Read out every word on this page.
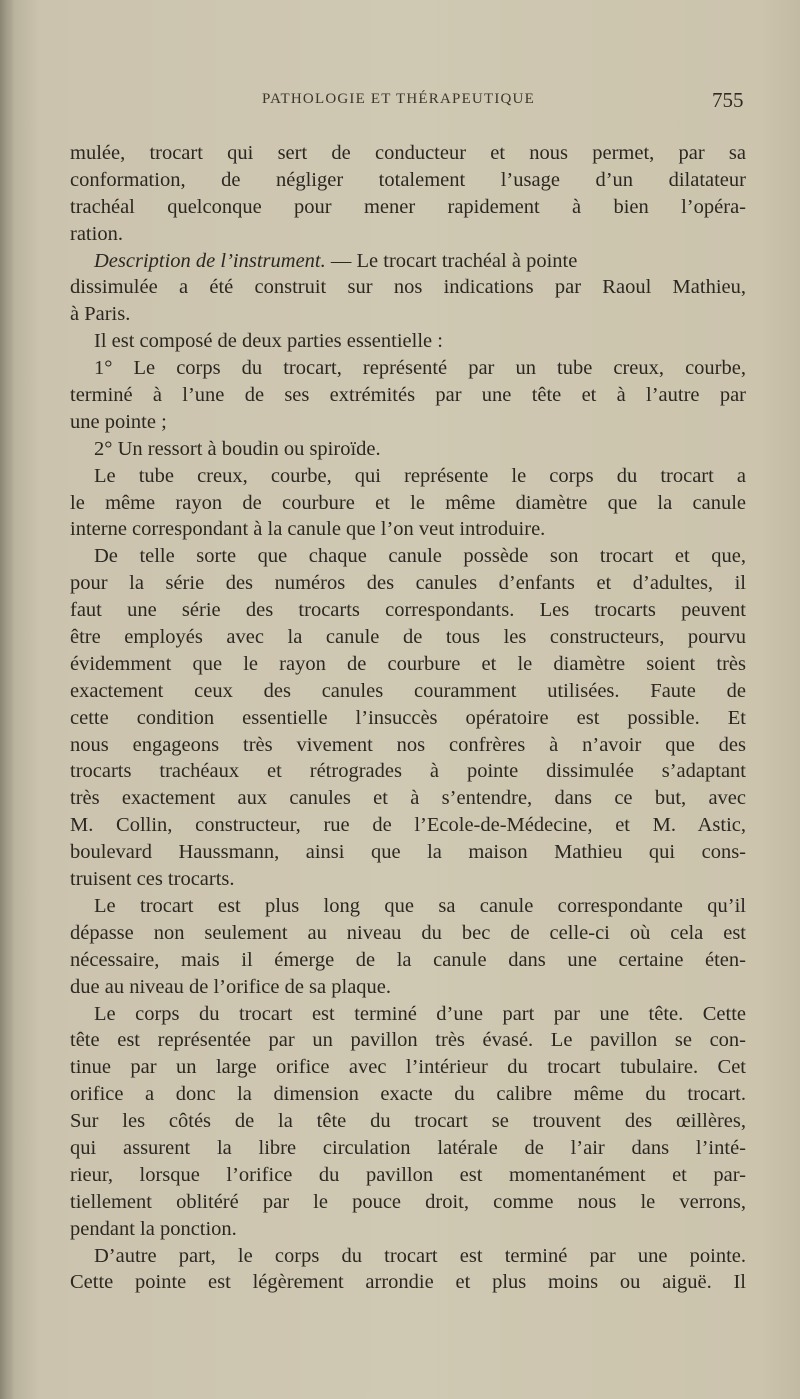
PATHOLOGIE ET THÉRAPEUTIQUE	755
mulée, trocart qui sert de conducteur et nous permet, par sa
conformation, de négliger totalement l’usage d’un dilatateur
trachéal quelconque pour mener rapidement à bien l’opéra-
ration.
Description de l’instrument. — Le trocart trachéal à pointe
dissimulée a été construit sur nos indications par Raoul Mathieu,
à Paris.
Il est composé de deux parties essentielle :
1° Le corps du trocart, représenté par un tube creux, courbe,
terminé à l’une de ses extrémités par une tête et à l’autre par
une pointe ;
2° Un ressort à boudin ou spiroïde.
Le tube creux, courbe, qui représente le corps du trocart a
le même rayon de courbure et le même diamètre que la canule
interne correspondant à la canule que l’on veut introduire.
De telle sorte que chaque canule possède son trocart et que,
pour la série des numéros des canules d’enfants et d’adultes, il
faut une série des trocarts correspondants. Les trocarts peuvent
être employés avec la canule de tous les constructeurs, pourvu
évidemment que le rayon de courbure et le diamètre soient très
exactement ceux des canules couramment utilisées. Faute de
cette condition essentielle l’insuccès opératoire est possible. Et
nous engageons très vivement nos confrères à n’avoir que des
trocarts trachéaux et rétrogrades à pointe dissimulée s’adaptant
très exactement aux canules et à s’entendre, dans ce but, avec
M. Collin, constructeur, rue de l’Ecole-de-Médecine, et M. Astic,
boulevard Haussmann, ainsi que la maison Mathieu qui cons-
truisent ces trocarts.
Le trocart est plus long que sa canule correspondante qu’il
dépasse non seulement au niveau du bec de celle-ci où cela est
nécessaire, mais il émerge de la canule dans une certaine éten-
due au niveau de l’orifice de sa plaque.
Le corps du trocart est terminé d’une part par une tête. Cette
tête est représentée par un pavillon très évasé. Le pavillon se con-
tinue par un large orifice avec l’intérieur du trocart tubulaire. Cet
orifice a donc la dimension exacte du calibre même du trocart.
Sur les côtés de la tête du trocart se trouvent des œillères,
qui assurent la libre circulation latérale de l’air dans l’inté-
rieur, lorsque l’orifice du pavillon est momentanément et par-
tiellement oblitéré par le pouce droit, comme nous le verrons,
pendant la ponction.
D’autre part, le corps du trocart est terminé par une pointe.
Cette pointe est légèrement arrondie et plus moins ou aiguë. Il
